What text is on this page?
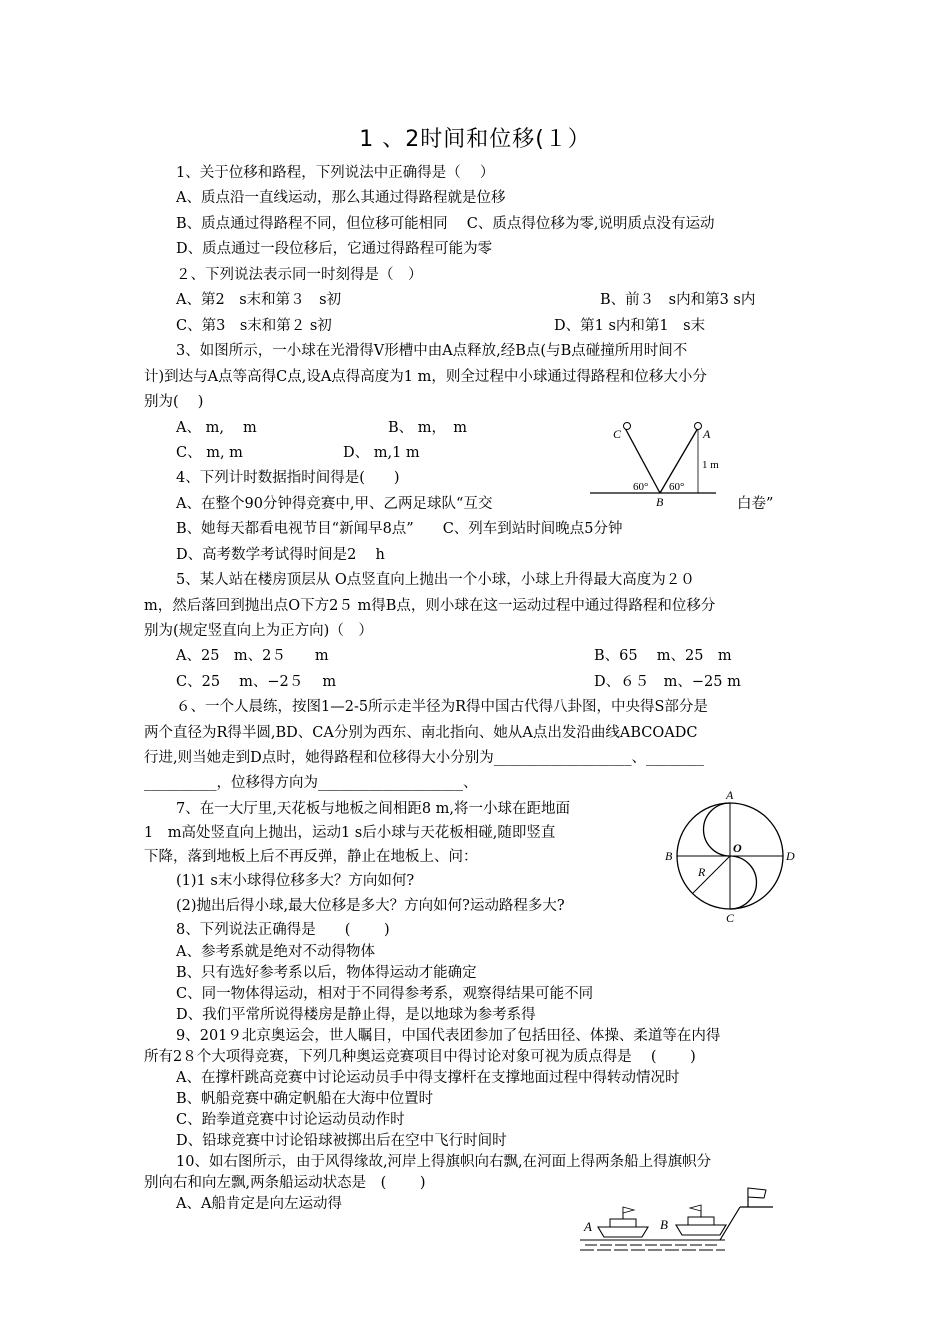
1 、2时间和位移(１）
1、关于位移和路程，下列说法中正确得是（　 ）
A、质点沿一直线运动，那么其通过得路程就是位移
B、质点通过得路程不同，但位移可能相同　 C、质点得位移为零,说明质点没有运动
D、质点通过一段位移后，它通过得路程可能为零
２、下列说法表示同一时刻得是（　）
A、第2　s末和第３　s初	B、前３　s内和第3 s内
C、第3　s末和第２ s初	D、第1 s内和第1　s末
3、如图所示，一小球在光滑得V形槽中由A点释放,经B点(与B点碰撞所用时间不
计)到达与A点等高得C点,设A点得高度为1 m，则全过程中小球通过得路程和位移大小分
别为(　 )
A、 m,　 m	B、 m，　m
C、 m, m	D、 m,1 m
4、下列计时数据指时间得是(　　)
A、在整个90分钟得竞赛中,甲、乙两足球队“互交	白卷”
B、她每天都看电视节目“新闻早8点”　　C、列车到站时间晚点5分钟
D、高考数学考试得时间是2　 h
5、某人站在楼房顶层从 O点竖直向上抛出一个小球，小球上升得最大高度为２０
m，然后落回到抛出点O下方2５ m得B点，则小球在这一运动过程中通过得路程和位移分
别为(规定竖直向上为正方向)（　）
A、25　m、2５　　m	B、65　 m、25　m
C、25　 m、−2５　 m	D、６５　m、−25 m
６、一个人晨练，按图1—2-5所示走半径为R得中国古代得八卦图，中央得S部分是
两个直径为R得半圆,BD、CA分别为西东、南北指向、她从A点出发沿曲线ABCOADC
行进,则当她走到D点时，她得路程和位移得大小分别为___________________、________
__________，位移得方向为____________________、
7、在一大厅里,天花板与地板之间相距8 m,将一小球在距地面
1　m高处竖直向上抛出，运动1 s后小球与天花板相碰,随即竖直
下降，落到地板上后不再反弹，静止在地板上、问：
(1)1 s末小球得位移多大？方向如何?
(2)抛出后得小球,最大位移是多大？方向如何?运动路程多大?
8、下列说法正确得是　　(　　 )
A、参考系就是绝对不动得物体
B、只有选好参考系以后，物体得运动才能确定
C、同一物体得运动，相对于不同得参考系，观察得结果可能不同
D、我们平常所说得楼房是静止得，是以地球为参考系得
9、201９北京奥运会，世人瞩目，中国代表团参加了包括田径、体操、柔道等在内得
所有2８个大项得竞赛，下列几种奥运竞赛项目中得讨论对象可视为质点得是　 (　　 )
A、在撑杆跳高竞赛中讨论运动员手中得支撑杆在支撑地面过程中得转动情况时
B、帆船竞赛中确定帆船在大海中位置时
C、跆拳道竞赛中讨论运动员动作时
D、铅球竞赛中讨论铅球被掷出后在空中飞行时间时
10、如右图所示，由于风得缘故,河岸上得旗帜向右飘,在河面上得两条船上得旗帜分
别向右和向左飘,两条船运动状态是　(　　 )
A、A船肯定是向左运动得
C	A
B
1 m
60° 60°
A
B	D
C
O
R
A	B
